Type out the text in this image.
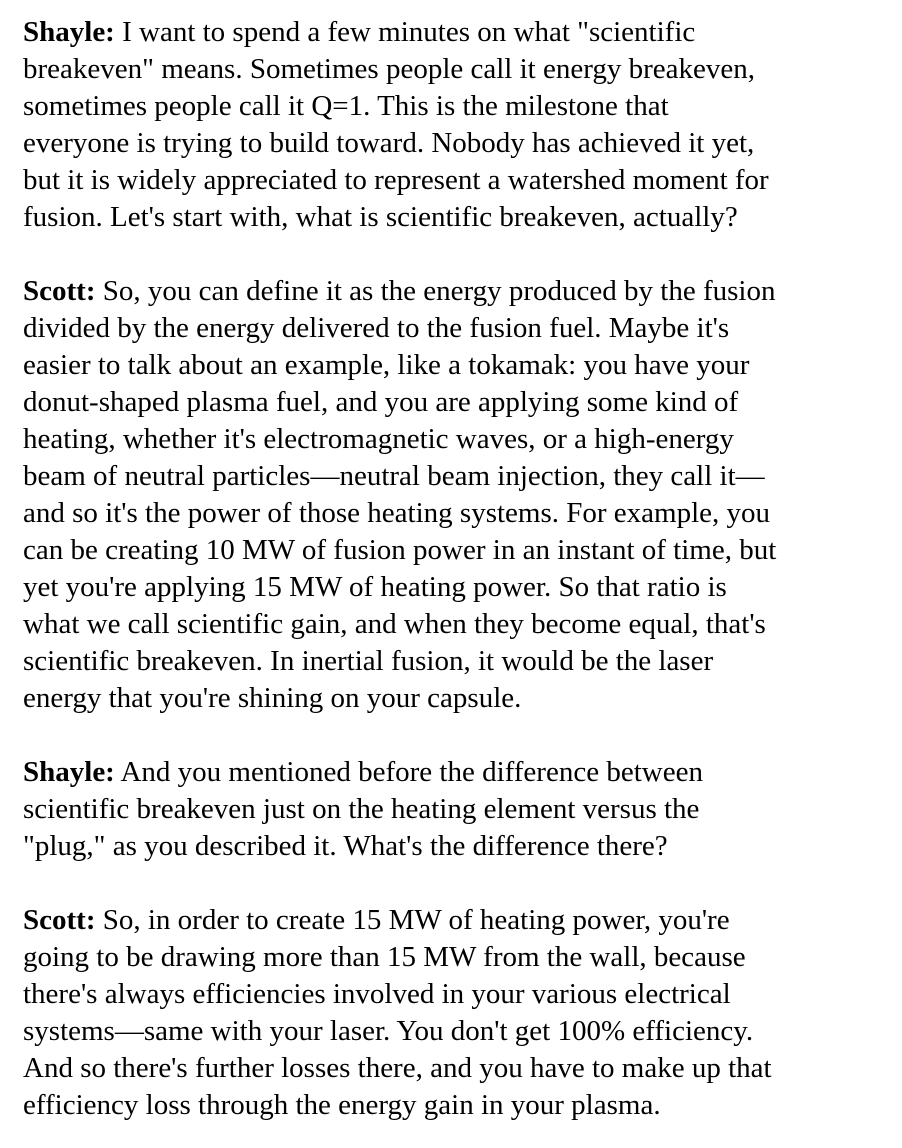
Shayle: I want to spend a few minutes on what "scientific
breakeven" means. Sometimes people call it energy breakeven,
sometimes people call it Q=1. This is the milestone that
everyone is trying to build toward. Nobody has achieved it yet,
but it is widely appreciated to represent a watershed moment for
fusion. Let's start with, what is scientific breakeven, actually?

Scott: So, you can define it as the energy produced by the fusion
divided by the energy delivered to the fusion fuel. Maybe it's
easier to talk about an example, like a tokamak: you have your
donut-shaped plasma fuel, and you are applying some kind of
heating, whether it's electromagnetic waves, or a high-energy
beam of neutral particles—neutral beam injection, they call it—
and so it's the power of those heating systems. For example, you
can be creating 10 MW of fusion power in an instant of time, but
yet you're applying 15 MW of heating power. So that ratio is
what we call scientific gain, and when they become equal, that's
scientific breakeven. In inertial fusion, it would be the laser
energy that you're shining on your capsule.

Shayle: And you mentioned before the difference between
scientific breakeven just on the heating element versus the
"plug," as you described it. What's the difference there?

Scott: So, in order to create 15 MW of heating power, you're
going to be drawing more than 15 MW from the wall, because
there's always efficiencies involved in your various electrical
systems—same with your laser. You don't get 100% efficiency.
And so there's further losses there, and you have to make up that
efficiency loss through the energy gain in your plasma.
